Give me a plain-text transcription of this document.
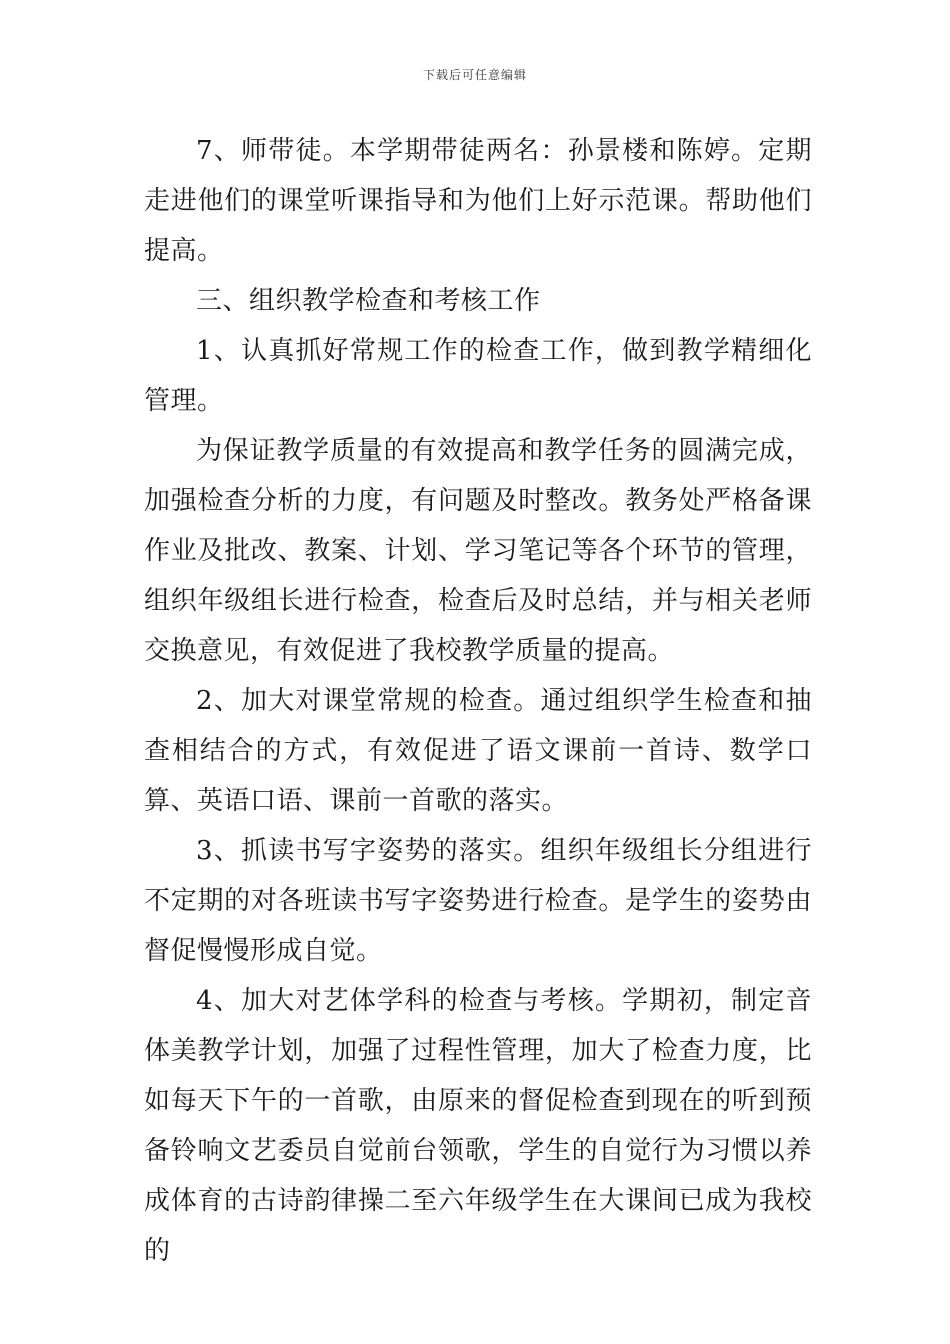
下载后可任意编辑

7、师带徒。本学期带徒两名：孙景楼和陈婷。定期走进他们的课堂听课指导和为他们上好示范课。帮助他们提高。

三、组织教学检查和考核工作

1、认真抓好常规工作的检查工作，做到教学精细化管理。

为保证教学质量的有效提高和教学任务的圆满完成，加强检查分析的力度，有问题及时整改。教务处严格备课作业及批改、教案、计划、学习笔记等各个环节的管理，组织年级组长进行检查，检查后及时总结，并与相关老师交换意见，有效促进了我校教学质量的提高。

2、加大对课堂常规的检查。通过组织学生检查和抽查相结合的方式，有效促进了语文课前一首诗、数学口算、英语口语、课前一首歌的落实。

3、抓读书写字姿势的落实。组织年级组长分组进行不定期的对各班读书写字姿势进行检查。是学生的姿势由督促慢慢形成自觉。

4、加大对艺体学科的检查与考核。学期初，制定音体美教学计划，加强了过程性管理，加大了检查力度，比如每天下午的一首歌，由原来的督促检查到现在的听到预备铃响文艺委员自觉前台领歌，学生的自觉行为习惯以养成体育的古诗韵律操二至六年级学生在大课间已成为我校的
